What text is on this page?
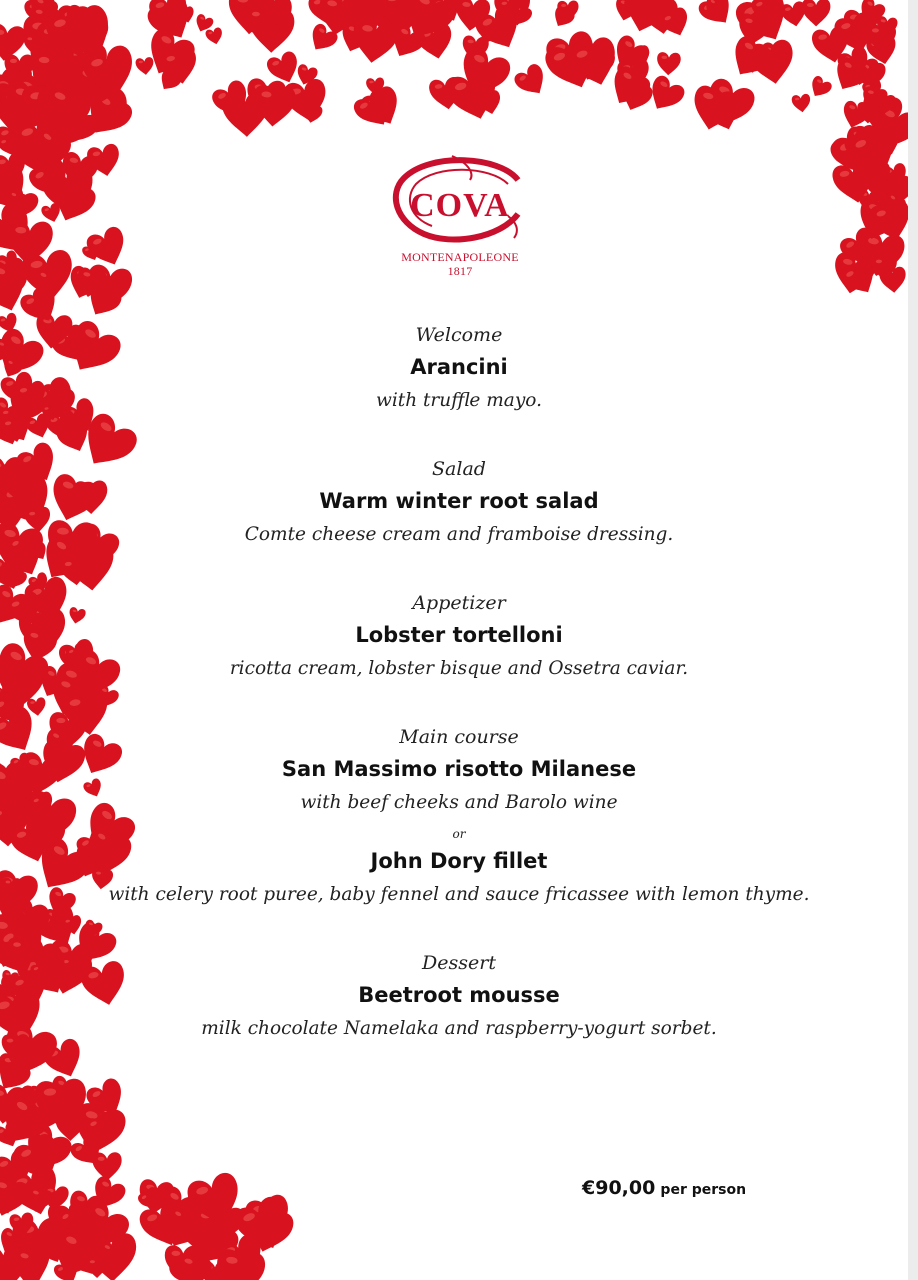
COVA
MONTENAPOLEONE
1817
Welcome
Arancini
with truffle mayo.
Salad
Warm winter root salad
Comte cheese cream and framboise dressing.
Appetizer
Lobster tortelloni
ricotta cream, lobster bisque and Ossetra caviar.
Main course
San Massimo risotto Milanese
with beef cheeks and Barolo wine
or
John Dory fillet
with celery root puree, baby fennel and sauce fricassee with lemon thyme.
Dessert
Beetroot mousse
milk chocolate Namelaka and raspberry-yogurt sorbet.
€90,00 per person
